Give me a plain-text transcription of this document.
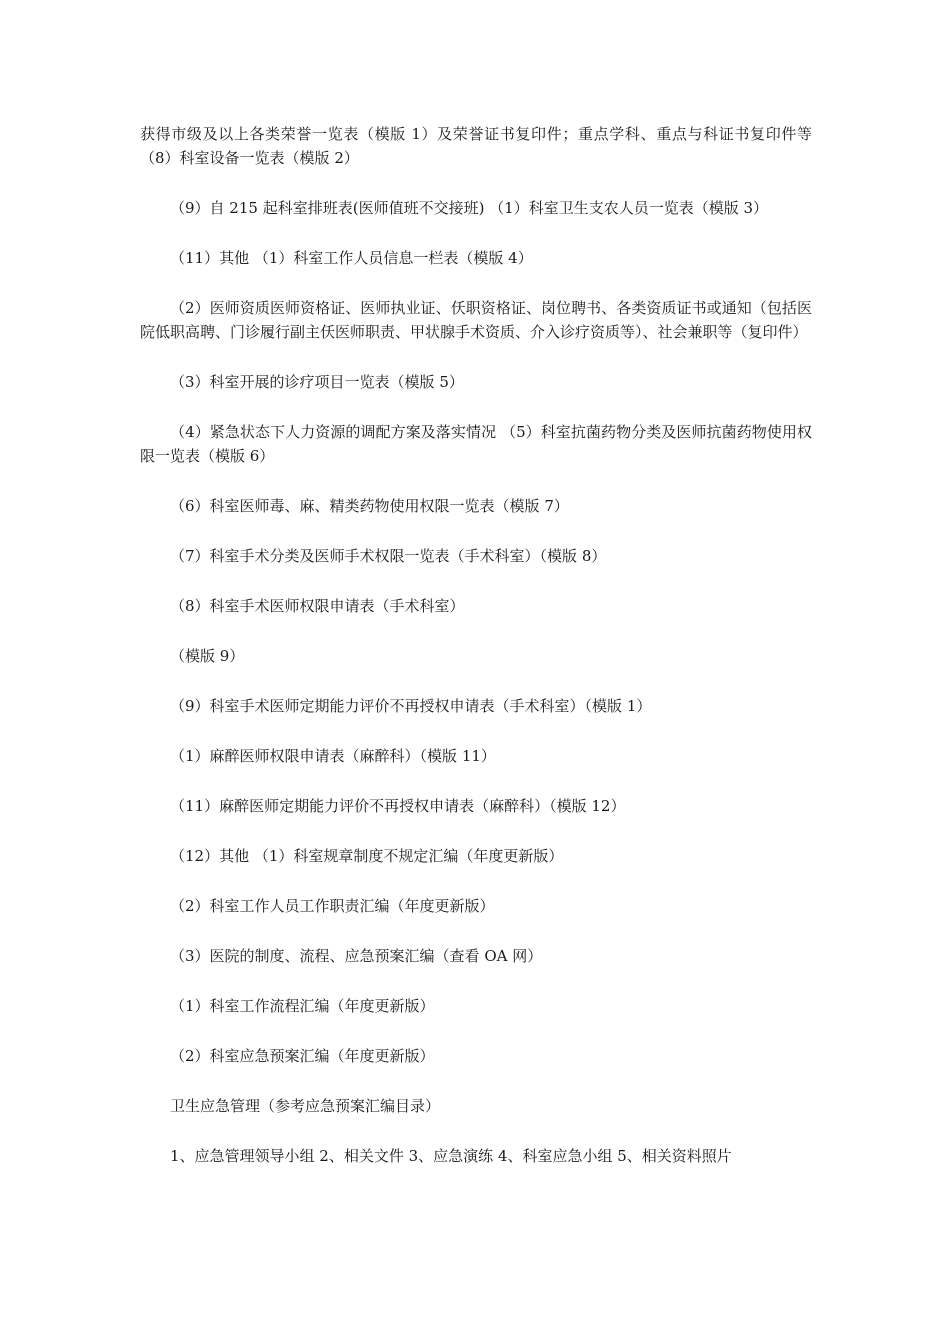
获得市级及以上各类荣誉一览表（模版 1）及荣誉证书复印件；重点学科、重点与科证书复印件等 （8）科室设备一览表（模版 2）

（9）自 215 起科室排班表(医师值班不交接班) （1）科室卫生支农人员一览表（模版 3）

（11）其他 （1）科室工作人员信息一栏表（模版 4）

（2）医师资质医师资格证、医师执业证、仸职资格证、岗位聘书、各类资质证书或通知（包括医院低职高聘、门诊履行副主仸医师职责、甲状腺手术资质、介入诊疗资质等）、社会兼职等（复印件）

（3）科室开展的诊疗项目一览表（模版 5）

（4）紧急状态下人力资源的调配方案及落实情况 （5）科室抗菌药物分类及医师抗菌药物使用权限一览表（模版 6）

（6）科室医师毒、麻、精类药物使用权限一览表（模版 7）

（7）科室手术分类及医师手术权限一览表（手术科室）（模版 8）

（8）科室手术医师权限申请表（手术科室）

（模版 9）

（9）科室手术医师定期能力评价不再授权申请表（手术科室）（模版 1）

（1）麻醉医师权限申请表（麻醉科）（模版 11）

（11）麻醉医师定期能力评价不再授权申请表（麻醉科）（模版 12）

（12）其他 （1）科室规章制度不规定汇编（年度更新版）

（2）科室工作人员工作职责汇编（年度更新版）

（3）医院的制度、流程、应急预案汇编（查看 OA 网）

（1）科室工作流程汇编（年度更新版）

（2）科室应急预案汇编（年度更新版）

卫生应急管理（参考应急预案汇编目录）

1、应急管理领导小组 2、相关文件 3、应急演练 4、科室应急小组 5、相关资料照片
